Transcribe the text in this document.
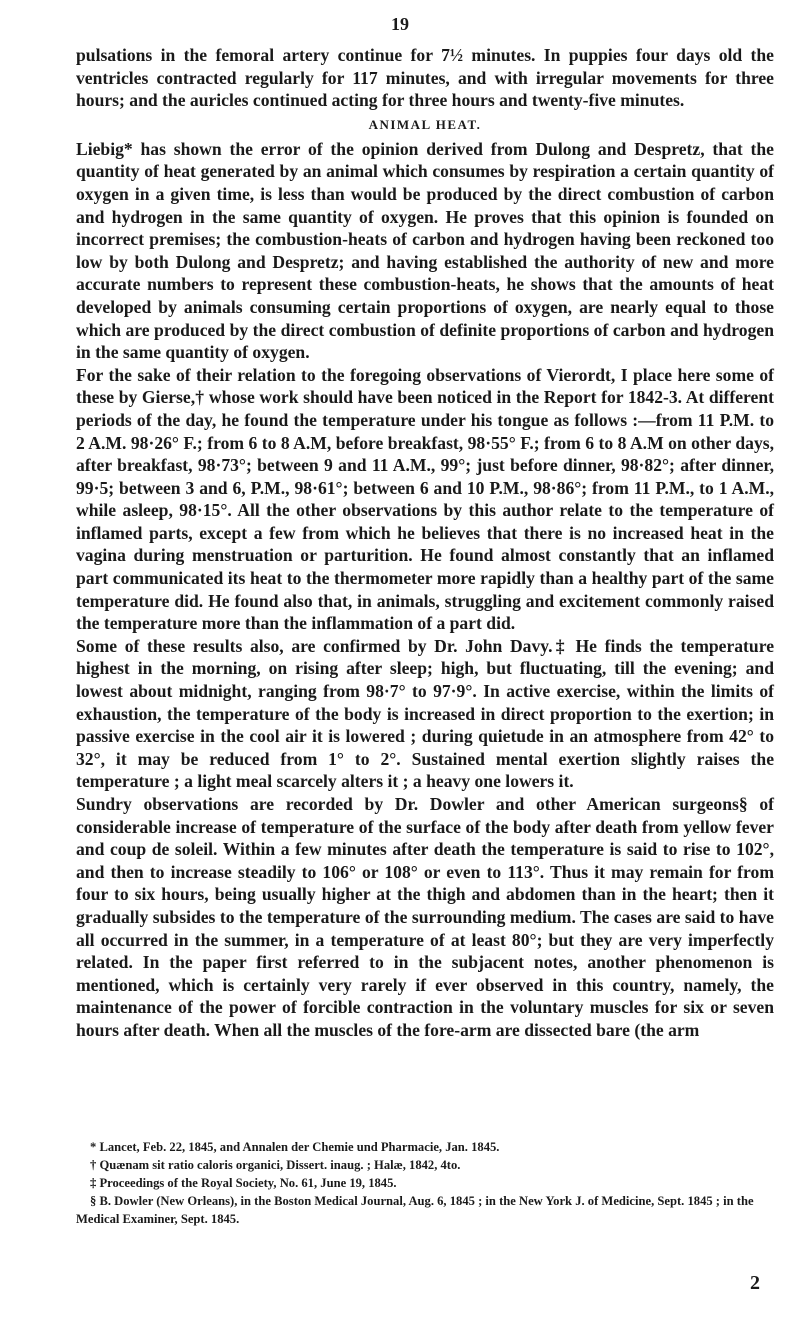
19

pulsations in the femoral artery continue for 7½ minutes. In puppies four days old the ventricles contracted regularly for 117 minutes, and with irregular movements for three hours; and the auricles continued acting for three hours and twenty-five minutes.

ANIMAL HEAT.

Liebig* has shown the error of the opinion derived from Dulong and Despretz, that the quantity of heat generated by an animal which consumes by respiration a certain quantity of oxygen in a given time, is less than would be produced by the direct combustion of carbon and hydrogen in the same quantity of oxygen. He proves that this opinion is founded on incorrect premises; the combustion-heats of carbon and hydrogen having been reckoned too low by both Dulong and Despretz; and having established the authority of new and more accurate numbers to represent these combustion-heats, he shows that the amounts of heat developed by animals consuming certain proportions of oxygen, are nearly equal to those which are produced by the direct combustion of definite proportions of carbon and hydrogen in the same quantity of oxygen.

For the sake of their relation to the foregoing observations of Vierordt, I place here some of these by Gierse,† whose work should have been noticed in the Report for 1842-3. At different periods of the day, he found the temperature under his tongue as follows :—from 11 P.M. to 2 A.M. 98·26° F.; from 6 to 8 A.M, before breakfast, 98·55° F.; from 6 to 8 A.M on other days, after breakfast, 98·73°; between 9 and 11 A.M., 99°; just before dinner, 98·82°; after dinner, 99·5; between 3 and 6, P.M., 98·61°; between 6 and 10 P.M., 98·86°; from 11 P.M., to 1 A.M., while asleep, 98·15°. All the other observations by this author relate to the temperature of inflamed parts, except a few from which he believes that there is no increased heat in the vagina during menstruation or parturition. He found almost constantly that an inflamed part communicated its heat to the thermometer more rapidly than a healthy part of the same temperature did. He found also that, in animals, struggling and excitement commonly raised the temperature more than the inflammation of a part did.

Some of these results also, are confirmed by Dr. John Davy.‡ He finds the temperature highest in the morning, on rising after sleep; high, but fluctuating, till the evening; and lowest about midnight, ranging from 98·7° to 97·9°. In active exercise, within the limits of exhaustion, the temperature of the body is increased in direct proportion to the exertion; in passive exercise in the cool air it is lowered ; during quietude in an atmosphere from 42° to 32°, it may be reduced from 1° to 2°. Sustained mental exertion slightly raises the temperature ; a light meal scarcely alters it ; a heavy one lowers it.

Sundry observations are recorded by Dr. Dowler and other American surgeons§ of considerable increase of temperature of the surface of the body after death from yellow fever and coup de soleil. Within a few minutes after death the temperature is said to rise to 102°, and then to increase steadily to 106° or 108° or even to 113°. Thus it may remain for from four to six hours, being usually higher at the thigh and abdomen than in the heart; then it gradually subsides to the temperature of the surrounding medium. The cases are said to have all occurred in the summer, in a temperature of at least 80°; but they are very imperfectly related. In the paper first referred to in the subjacent notes, another phenomenon is mentioned, which is certainly very rarely if ever observed in this country, namely, the maintenance of the power of forcible contraction in the voluntary muscles for six or seven hours after death. When all the muscles of the fore-arm are dissected bare (the arm

* Lancet, Feb. 22, 1845, and Annalen der Chemie und Pharmacie, Jan. 1845.

† Quænam sit ratio caloris organici, Dissert. inaug. ; Halæ, 1842, 4to.

‡ Proceedings of the Royal Society, No. 61, June 19, 1845.

§ B. Dowler (New Orleans), in the Boston Medical Journal, Aug. 6, 1845 ; in the New York J. of Medicine, Sept. 1845 ; in the Medical Examiner, Sept. 1845.

2
